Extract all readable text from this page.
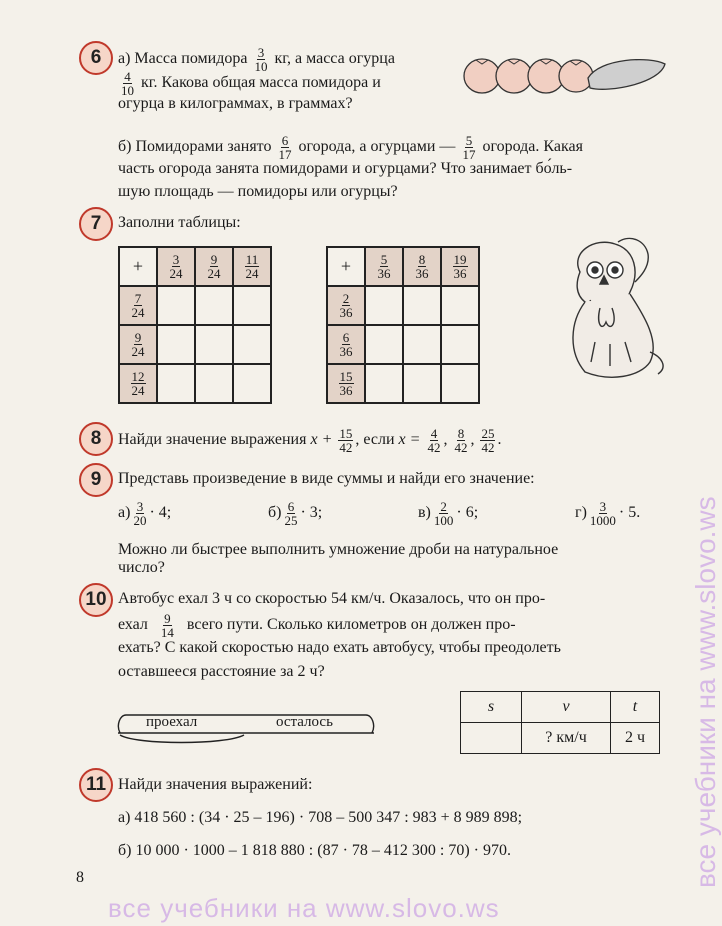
6	а) Масса помидора $\frac{3}{10}$ кг, а масса огурца
$\frac{4}{10}$ кг. Какова общая масса помидора и
огурца в килограммах, в граммах?
б) Помидорами занято $\frac{6}{17}$ огорода, а огурцами — $\frac{5}{17}$ огорода. Какая
часть огорода занята помидорами и огурцами? Что занимает бо́ль-
шую площадь — помидоры или огурцы?
7	Заполни таблицы:
+	$\frac{3}{24}$	$\frac{9}{24}$	$\frac{11}{24}$

$\frac{7}{24}$

$\frac{9}{24}$

$\frac{12}{24}$

+	$\frac{5}{36}$	$\frac{8}{36}$	$\frac{19}{36}$

$\frac{2}{36}$

$\frac{6}{36}$

$\frac{15}{36}$

8	Найди значение выражения $x + \frac{15}{42}$ , если $x = \frac{4}{42}$ , $\frac{8}{42}$ , $\frac{25}{42}$ .
9	Представь произведение в виде суммы и найди его значение:
$а) \frac{3}{20} \cdot 4$;	$б) \frac{6}{25} \cdot 3$;	$в) \frac{2}{100} \cdot 6$;	$г) \frac{3}{1000} \cdot 5$.
Можно ли быстрее выполнить умножение дроби на натуральное
число?
10 Автобус ехал 3 ч со скоростью 54 км/ч. Оказалось, что он про-
ехал $\frac{9}{14}$ всего пути. Сколько километров он должен про-
ехать? С какой скоростью надо ехать автобусу, чтобы преодолеть
оставшееся расстояние за 2 ч?
проехал	осталось
s	v	t
	? км/ч	2 ч
11 Найди значения выражений:
а) 418 560 : (34 · 25 – 196) · 708 – 500 347 : 983 + 8 989 898;
б) 10 000 · 1000 – 1 818 880 : (87 · 78 – 412 300 : 70) · 970.
8
все учебники на www.slovo.ws
все учебники на www.slovo.ws
